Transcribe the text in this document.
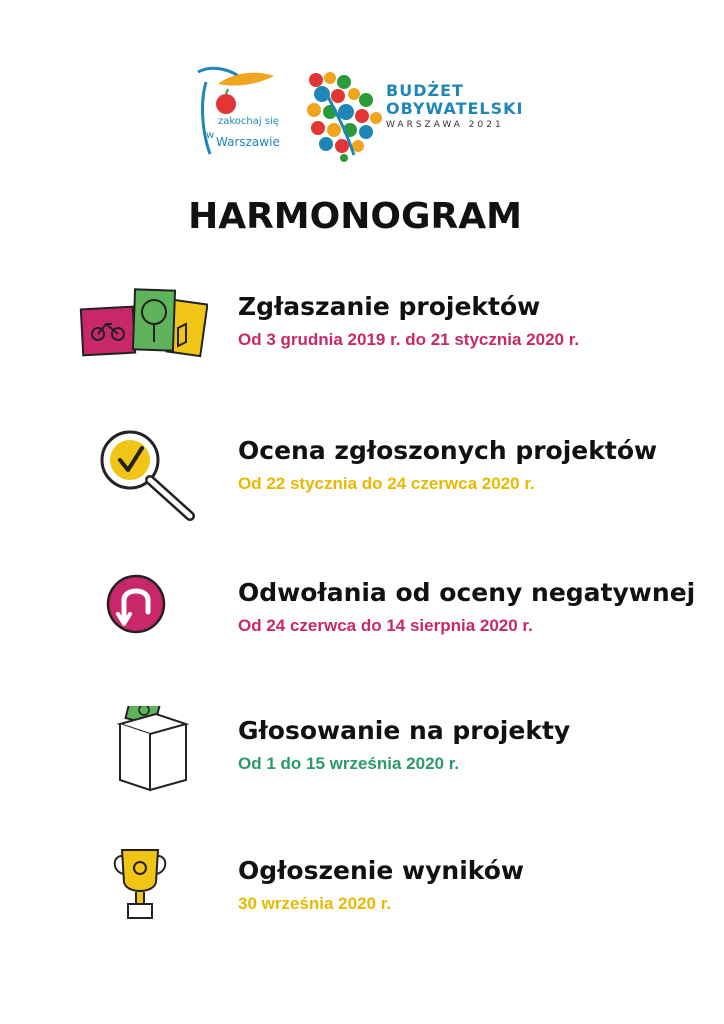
zakochaj się
w Warszawie
BUDŻET
OBYWATELSKI
WARSZAWA 2021
HARMONOGRAM
Zgłaszanie projektów
Od 3 grudnia 2019 r. do 21 stycznia 2020 r.
Ocena zgłoszonych projektów
Od 22 stycznia do 24 czerwca 2020 r.
Odwołania od oceny negatywnej
Od 24 czerwca do 14 sierpnia 2020 r.
Głosowanie na projekty
Od 1 do 15 września 2020 r.
Ogłoszenie wyników
30 września 2020 r.
